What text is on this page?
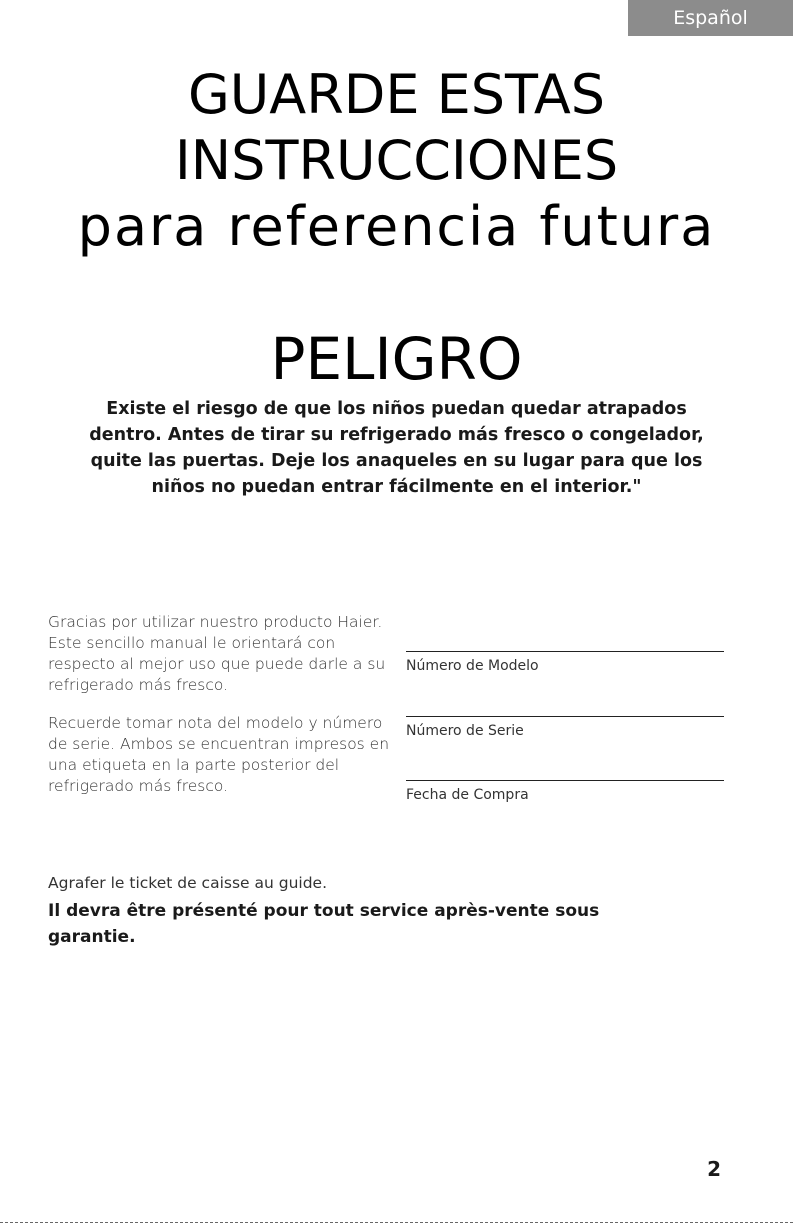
Español
GUARDE ESTAS
INSTRUCCIONES
para referencia futura
PELIGRO
Existe el riesgo de que los niños puedan quedar atrapados dentro. Antes de tirar su refrigerado más fresco o congelador, quite las puertas. Deje los anaqueles en su lugar para que los niños no puedan entrar fácilmente en el interior."

Gracias por utilizar nuestro producto Haier. Este sencillo manual le orientará con respecto al mejor uso que puede darle a su refrigerado más fresco.

Recuerde tomar nota del modelo y número de serie. Ambos se encuentran impresos en una etiqueta en la parte posterior del refrigerado más fresco.

Número de Modelo
Número de Serie
Fecha de Compra
Agrafer le ticket de caisse au guide.
Il devra être présenté pour tout service après-vente sous garantie.
2
